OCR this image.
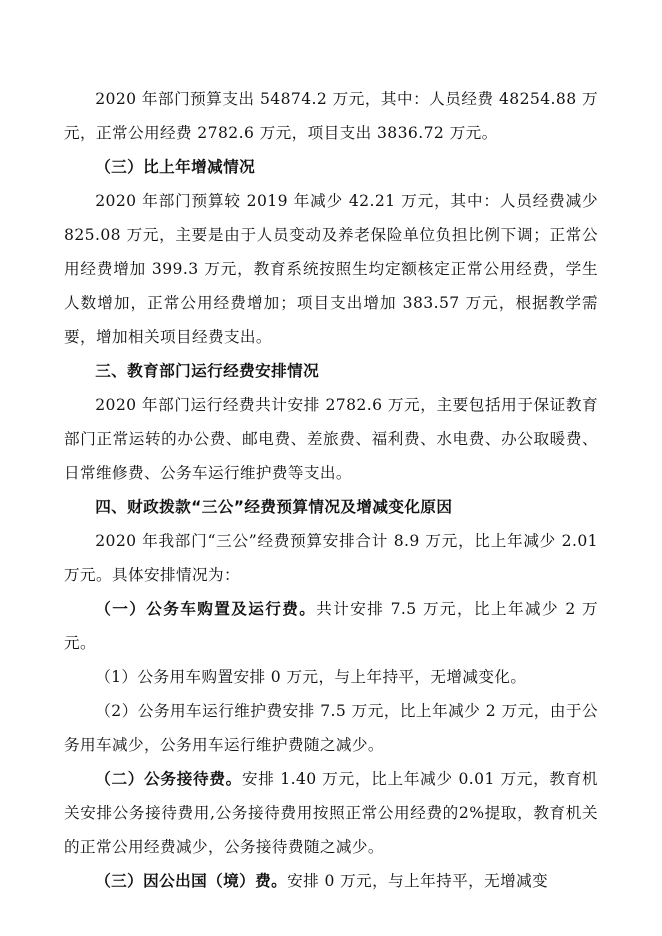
2020 年部门预算支出 54874.2 万元，其中：人员经费 48254.88 万元，正常公用经费 2782.6 万元，项目支出 3836.72 万元。

（三）比上年增减情况

2020 年部门预算较 2019 年减少 42.21 万元，其中：人员经费减少 825.08 万元，主要是由于人员变动及养老保险单位负担比例下调；正常公用经费增加 399.3 万元，教育系统按照生均定额核定正常公用经费，学生人数增加，正常公用经费增加；项目支出增加 383.57 万元，根据教学需要，增加相关项目经费支出。

三、教育部门运行经费安排情况

2020 年部门运行经费共计安排 2782.6 万元，主要包括用于保证教育部门正常运转的办公费、邮电费、差旅费、福利费、水电费、办公取暖费、日常维修费、公务车运行维护费等支出。

四、财政拨款“三公”经费预算情况及增减变化原因

2020 年我部门“三公”经费预算安排合计 8.9 万元，比上年减少 2.01 万元。具体安排情况为：

（一）公务车购置及运行费。共计安排 7.5 万元，比上年减少 2 万元。

（1）公务用车购置安排 0 万元，与上年持平，无增减变化。

（2）公务用车运行维护费安排 7.5 万元，比上年减少 2 万元，由于公务用车减少，公务用车运行维护费随之减少。

（二）公务接待费。安排 1.40 万元，比上年减少 0.01 万元，教育机关安排公务接待费用,公务接待费用按照正常公用经费的2%提取，教育机关的正常公用经费减少，公务接待费随之减少。

（三）因公出国（境）费。安排 0 万元，与上年持平，无增减变
